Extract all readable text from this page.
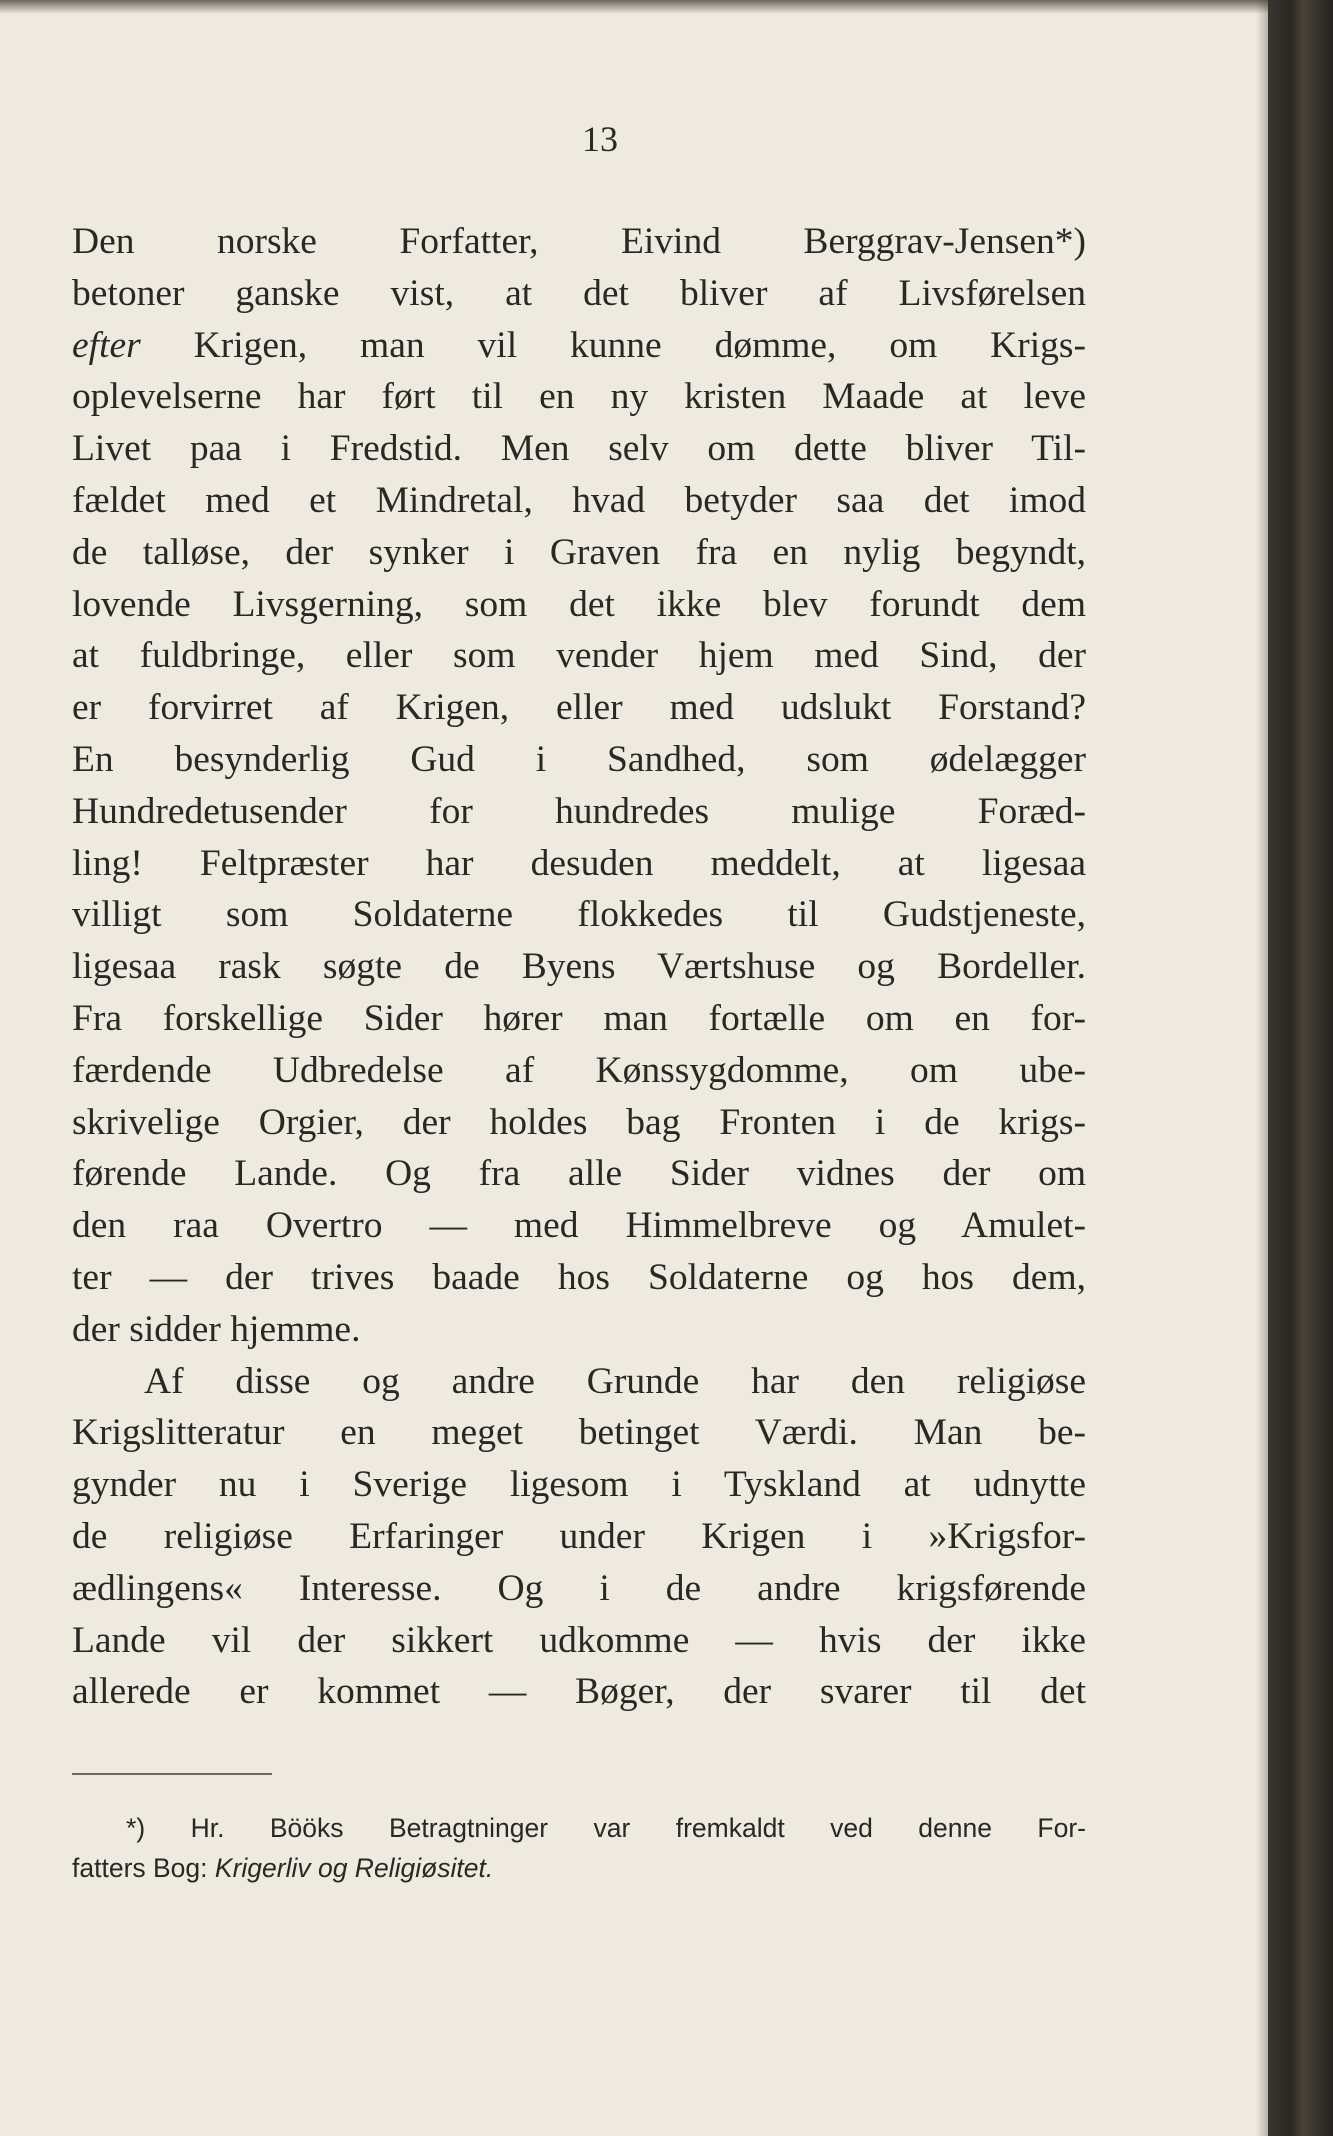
13
Den norske Forfatter, Eivind Berggrav-Jensen*)
betoner ganske vist, at det bliver af Livsførelsen
efter Krigen, man vil kunne dømme, om Krigs-
oplevelserne har ført til en ny kristen Maade at leve
Livet paa i Fredstid. Men selv om dette bliver Til-
fældet med et Mindretal, hvad betyder saa det imod
de talløse, der synker i Graven fra en nylig begyndt,
lovende Livsgerning, som det ikke blev forundt dem
at fuldbringe, eller som vender hjem med Sind, der
er forvirret af Krigen, eller med udslukt Forstand?
En besynderlig Gud i Sandhed, som ødelægger
Hundredetusender for hundredes mulige Foræd-
ling! Feltpræster har desuden meddelt, at ligesaa
villigt som Soldaterne flokkedes til Gudstjeneste,
ligesaa rask søgte de Byens Værtshuse og Bordeller.
Fra forskellige Sider hører man fortælle om en for-
færdende Udbredelse af Kønssygdomme, om ube-
skrivelige Orgier, der holdes bag Fronten i de krigs-
førende Lande. Og fra alle Sider vidnes der om
den raa Overtro — med Himmelbreve og Amulet-
ter — der trives baade hos Soldaterne og hos dem,
der sidder hjemme.
Af disse og andre Grunde har den religiøse
Krigslitteratur en meget betinget Værdi. Man be-
gynder nu i Sverige ligesom i Tyskland at udnytte
de religiøse Erfaringer under Krigen i »Krigsfor-
ædlingens« Interesse. Og i de andre krigsførende
Lande vil der sikkert udkomme — hvis der ikke
allerede er kommet — Bøger, der svarer til det
*) Hr. Bööks Betragtninger var fremkaldt ved denne For-
fatters Bog: Krigerliv og Religiøsitet.
